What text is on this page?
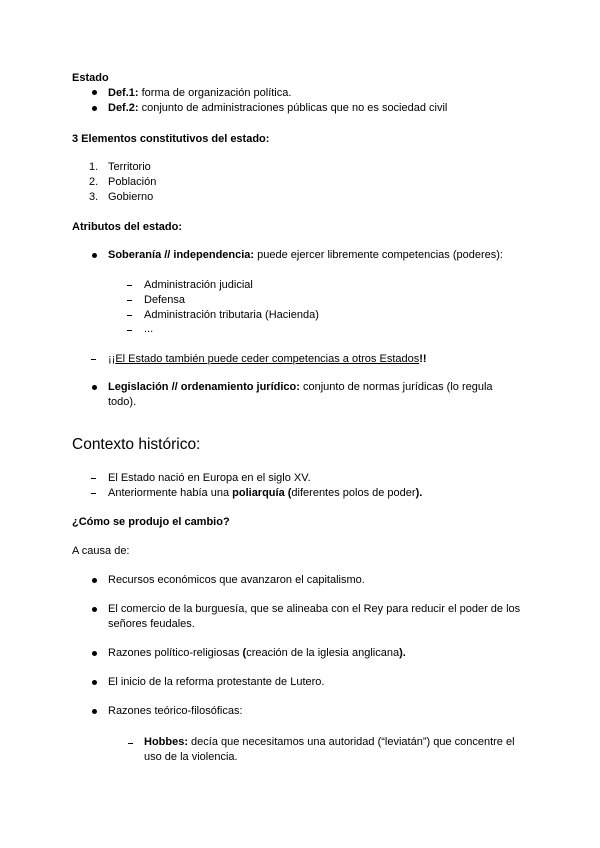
Estado
Def.1: forma de organización política.
Def.2: conjunto de administraciones públicas que no es sociedad civil
3 Elementos constitutivos del estado:
1. Territorio
2. Población
3. Gobierno
Atributos del estado:
Soberanía // independencia: puede ejercer libremente competencias (poderes):
Administración judicial
Defensa
Administración tributaria (Hacienda)
...
¡¡El Estado también puede ceder competencias a otros Estados!!
Legislación // ordenamiento jurídico: conjunto de normas jurídicas (lo regula
todo).
Contexto histórico:
El Estado nació en Europa en el siglo XV.
Anteriormente había una poliarquía (diferentes polos de poder).
¿Cómo se produjo el cambio?
A causa de:
Recursos económicos que avanzaron el capitalismo.
El comercio de la burguesía, que se alineaba con el Rey para reducir el poder de los
señores feudales.
Razones político-religiosas (creación de la iglesia anglicana).
El inicio de la reforma protestante de Lutero.
Razones teórico-filosóficas:
Hobbes: decía que necesitamos una autoridad (“leviatán”) que concentre el
uso de la violencia.
